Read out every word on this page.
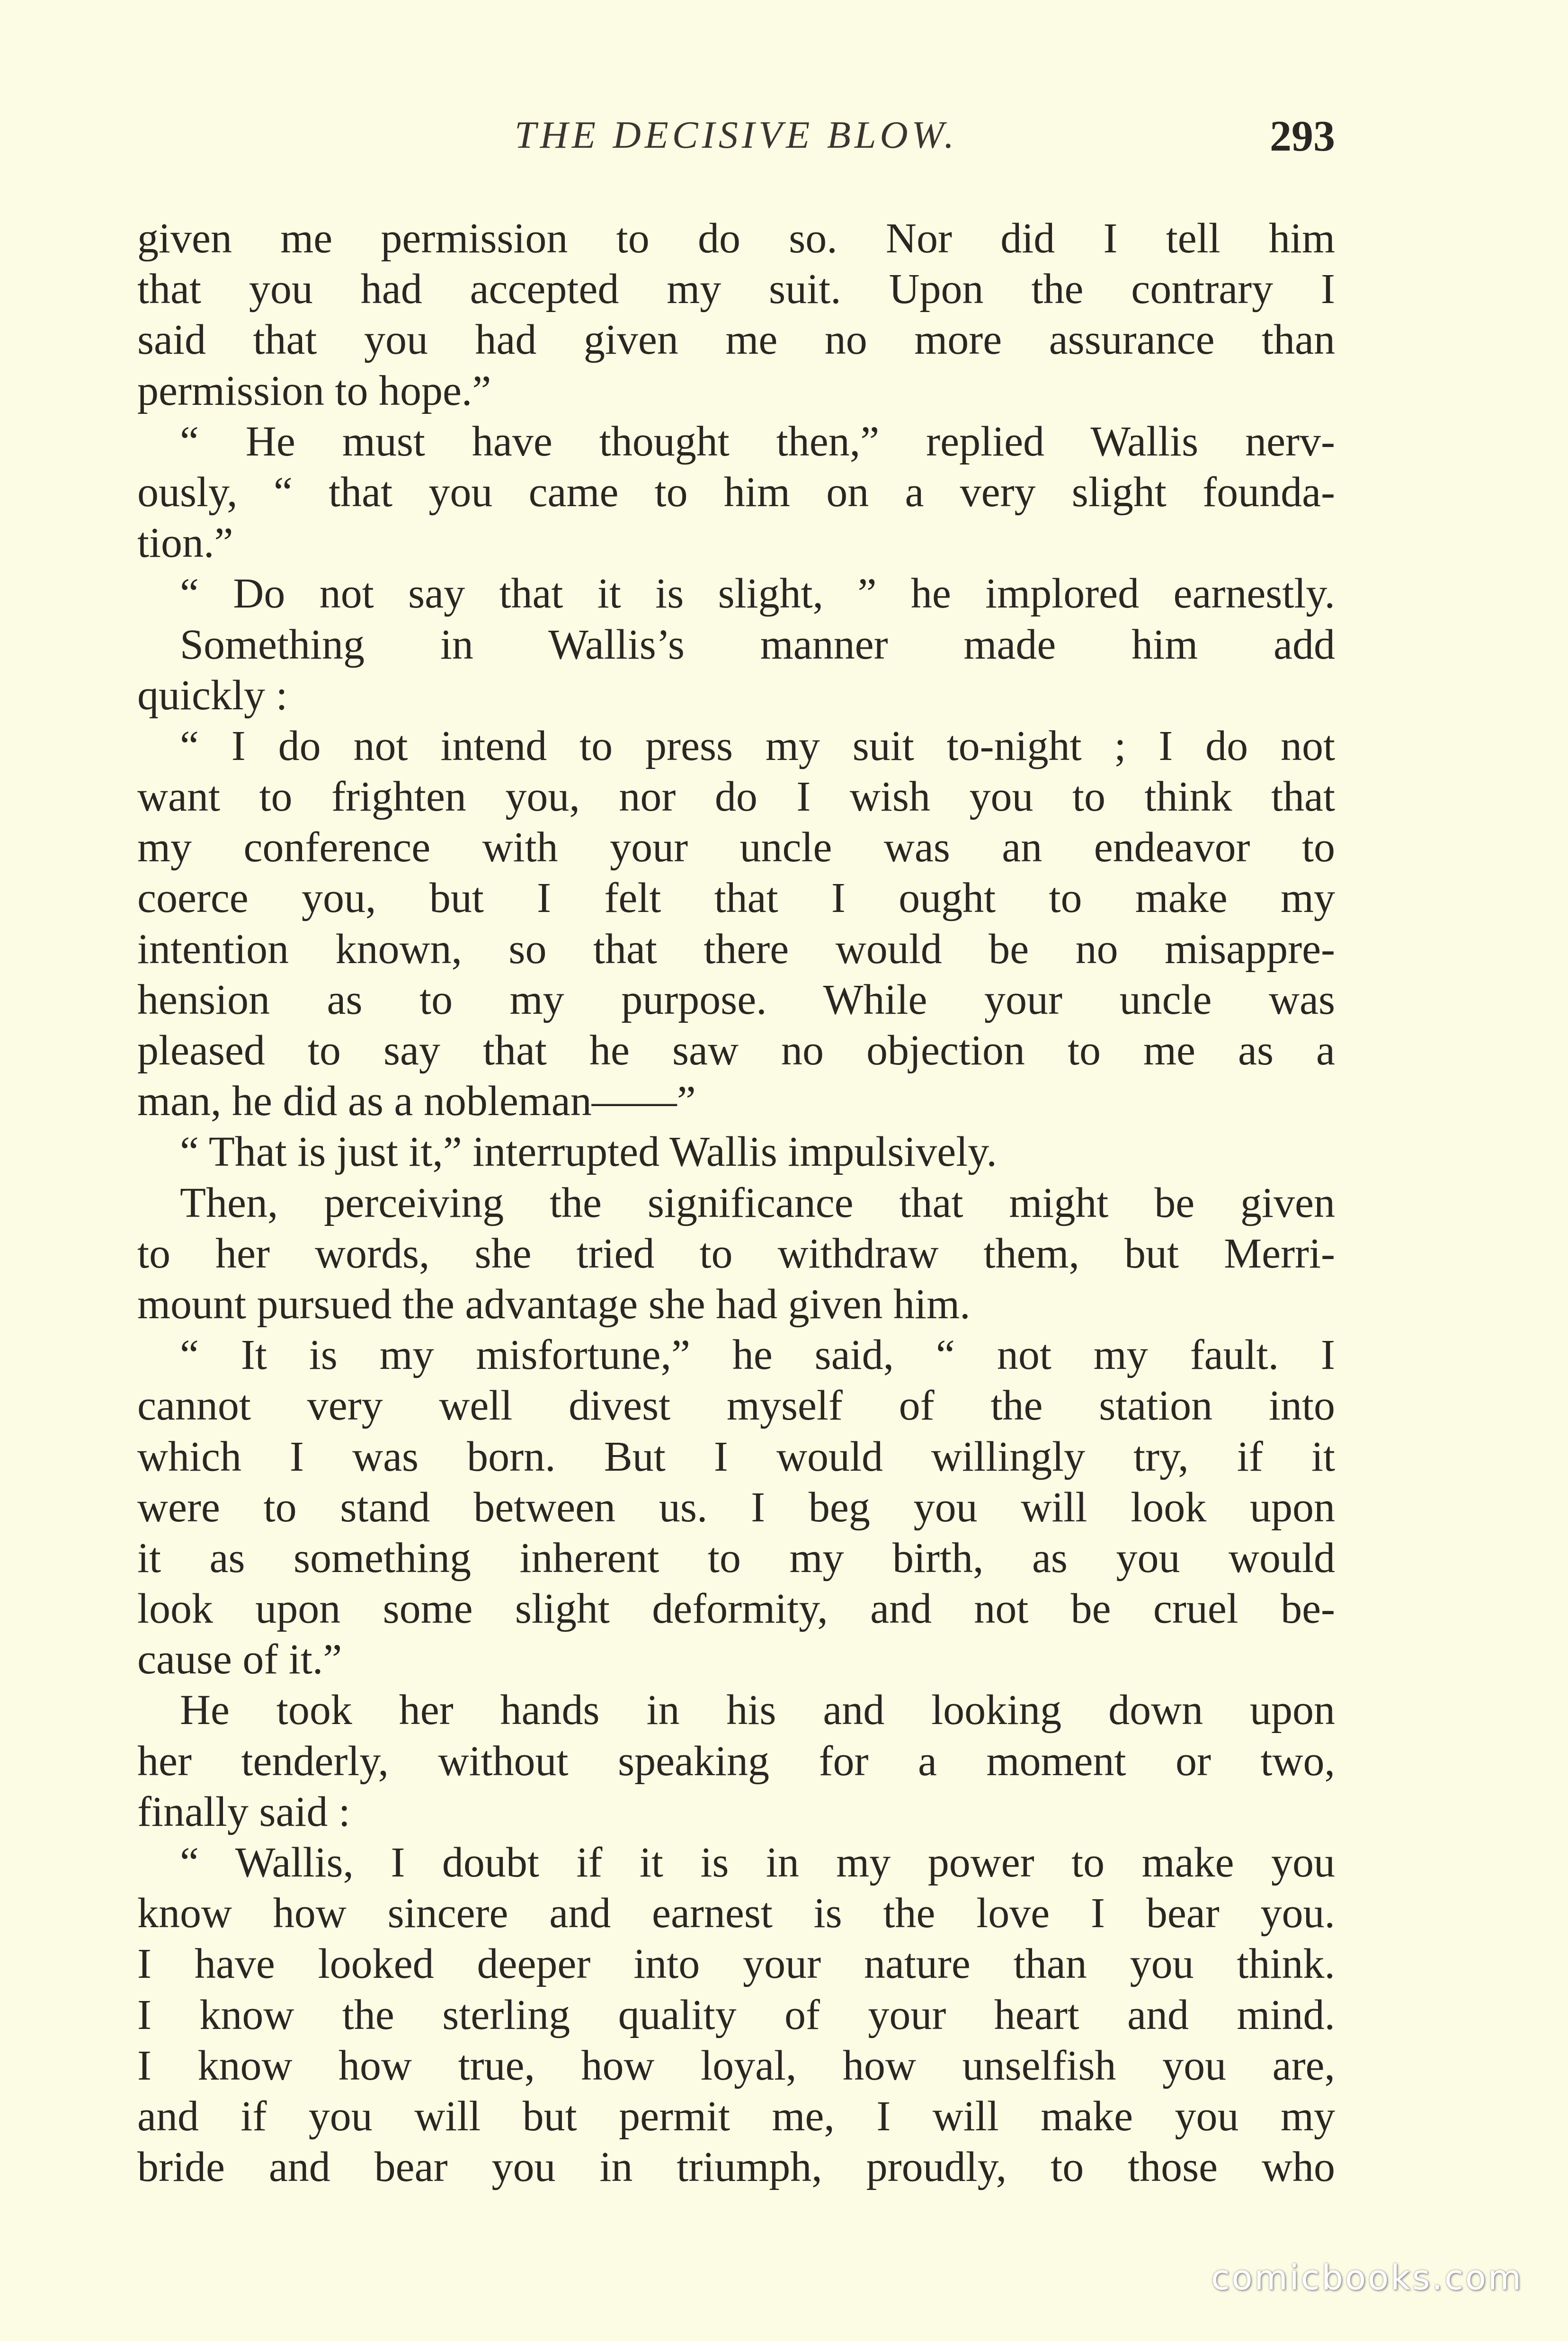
THE DECISIVE BLOW.	293
given me permission to do so. Nor did I tell him
that you had accepted my suit. Upon the contrary I
said that you had given me no more assurance than
permission to hope.”
“ He must have thought then,” replied Wallis nerv-
ously, “ that you came to him on a very slight founda-
tion.”
“ Do not say that it is slight, ” he implored earnestly.
Something in Wallis’s manner made him add
quickly :
“ I do not intend to press my suit to-night ; I do not
want to frighten you, nor do I wish you to think that
my conference with your uncle was an endeavor to
coerce you, but I felt that I ought to make my
intention known, so that there would be no misappre-
hension as to my purpose. While your uncle was
pleased to say that he saw no objection to me as a
man, he did as a nobleman——”
“ That is just it,” interrupted Wallis impulsively.
Then, perceiving the significance that might be given
to her words, she tried to withdraw them, but Merri-
mount pursued the advantage she had given him.
“ It is my misfortune,” he said, “ not my fault. I
cannot very well divest myself of the station into
which I was born. But I would willingly try, if it
were to stand between us. I beg you will look upon
it as something inherent to my birth, as you would
look upon some slight deformity, and not be cruel be-
cause of it.”
He took her hands in his and looking down upon
her tenderly, without speaking for a moment or two,
finally said :
“ Wallis, I doubt if it is in my power to make you
know how sincere and earnest is the love I bear you.
I have looked deeper into your nature than you think.
I know the sterling quality of your heart and mind.
I know how true, how loyal, how unselfish you are,
and if you will but permit me, I will make you my
bride and bear you in triumph, proudly, to those who
comicbooks.com
